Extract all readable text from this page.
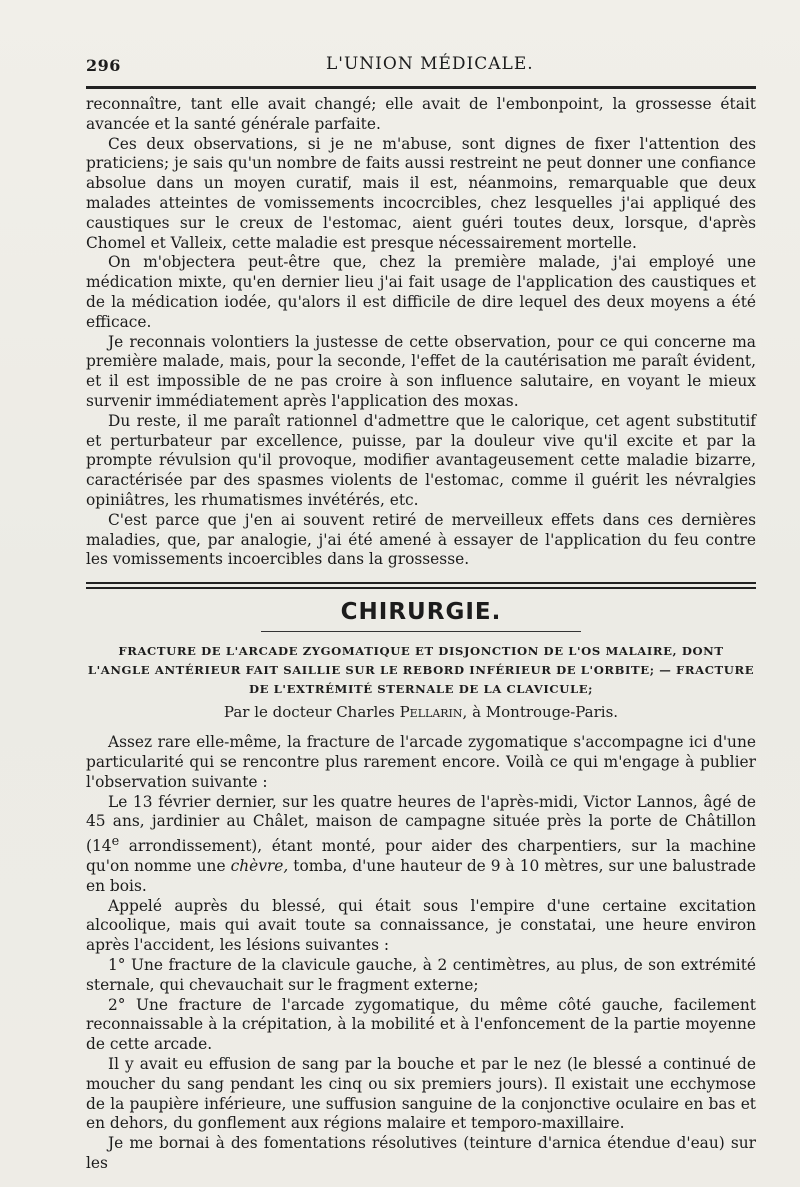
296	L'UNION MÉDICALE.

reconnaître, tant elle avait changé; elle avait de l'embonpoint, la grossesse était avancée et la santé générale parfaite.

Ces deux observations, si je ne m'abuse, sont dignes de fixer l'attention des praticiens; je sais qu'un nombre de faits aussi restreint ne peut donner une confiance absolue dans un moyen curatif, mais il est, néanmoins, remarquable que deux malades atteintes de vomissements incocrcibles, chez lesquelles j'ai appliqué des caustiques sur le creux de l'estomac, aient guéri toutes deux, lorsque, d'après Chomel et Valleix, cette maladie est presque nécessairement mortelle.

On m'objectera peut-être que, chez la première malade, j'ai employé une médication mixte, qu'en dernier lieu j'ai fait usage de l'application des caustiques et de la médication iodée, qu'alors il est difficile de dire lequel des deux moyens a été efficace.

Je reconnais volontiers la justesse de cette observation, pour ce qui concerne ma première malade, mais, pour la seconde, l'effet de la cautérisation me paraît évident, et il est impossible de ne pas croire à son influence salutaire, en voyant le mieux survenir immédiatement après l'application des moxas.

Du reste, il me paraît rationnel d'admettre que le calorique, cet agent substitutif et perturbateur par excellence, puisse, par la douleur vive qu'il excite et par la prompte révulsion qu'il provoque, modifier avantageusement cette maladie bizarre, caractérisée par des spasmes violents de l'estomac, comme il guérit les névralgies opiniâtres, les rhumatismes invétérés, etc.

C'est parce que j'en ai souvent retiré de merveilleux effets dans ces dernières maladies, que, par analogie, j'ai été amené à essayer de l'application du feu contre les vomissements incoercibles dans la grossesse.

CHIRURGIE.
FRACTURE DE L'ARCADE ZYGOMATIQUE ET DISJONCTION DE L'OS MALAIRE, DONT L'ANGLE ANTÉRIEUR FAIT SAILLIE SUR LE REBORD INFÉRIEUR DE L'ORBITE; — FRACTURE DE L'EXTRÉMITÉ STERNALE DE LA CLAVICULE;
Par le docteur Charles Pellarin, à Montrouge-Paris.

Assez rare elle-même, la fracture de l'arcade zygomatique s'accompagne ici d'une particularité qui se rencontre plus rarement encore. Voilà ce qui m'engage à publier l'observation suivante :

Le 13 février dernier, sur les quatre heures de l'après-midi, Victor Lannos, âgé de 45 ans, jardinier au Châlet, maison de campagne située près la porte de Châtillon (14e arrondissement), étant monté, pour aider des charpentiers, sur la machine qu'on nomme une chèvre, tomba, d'une hauteur de 9 à 10 mètres, sur une balustrade en bois.

Appelé auprès du blessé, qui était sous l'empire d'une certaine excitation alcoolique, mais qui avait toute sa connaissance, je constatai, une heure environ après l'accident, les lésions suivantes :

1° Une fracture de la clavicule gauche, à 2 centimètres, au plus, de son extrémité sternale, qui chevauchait sur le fragment externe;

2° Une fracture de l'arcade zygomatique, du même côté gauche, facilement reconnaissable à la crépitation, à la mobilité et à l'enfoncement de la partie moyenne de cette arcade.

Il y avait eu effusion de sang par la bouche et par le nez (le blessé a continué de moucher du sang pendant les cinq ou six premiers jours). Il existait une ecchymose de la paupière inférieure, une suffusion sanguine de la conjonctive oculaire en bas et en dehors, du gonflement aux régions malaire et temporo-maxillaire.

Je me bornai à des fomentations résolutives (teinture d'arnica étendue d'eau) sur les
